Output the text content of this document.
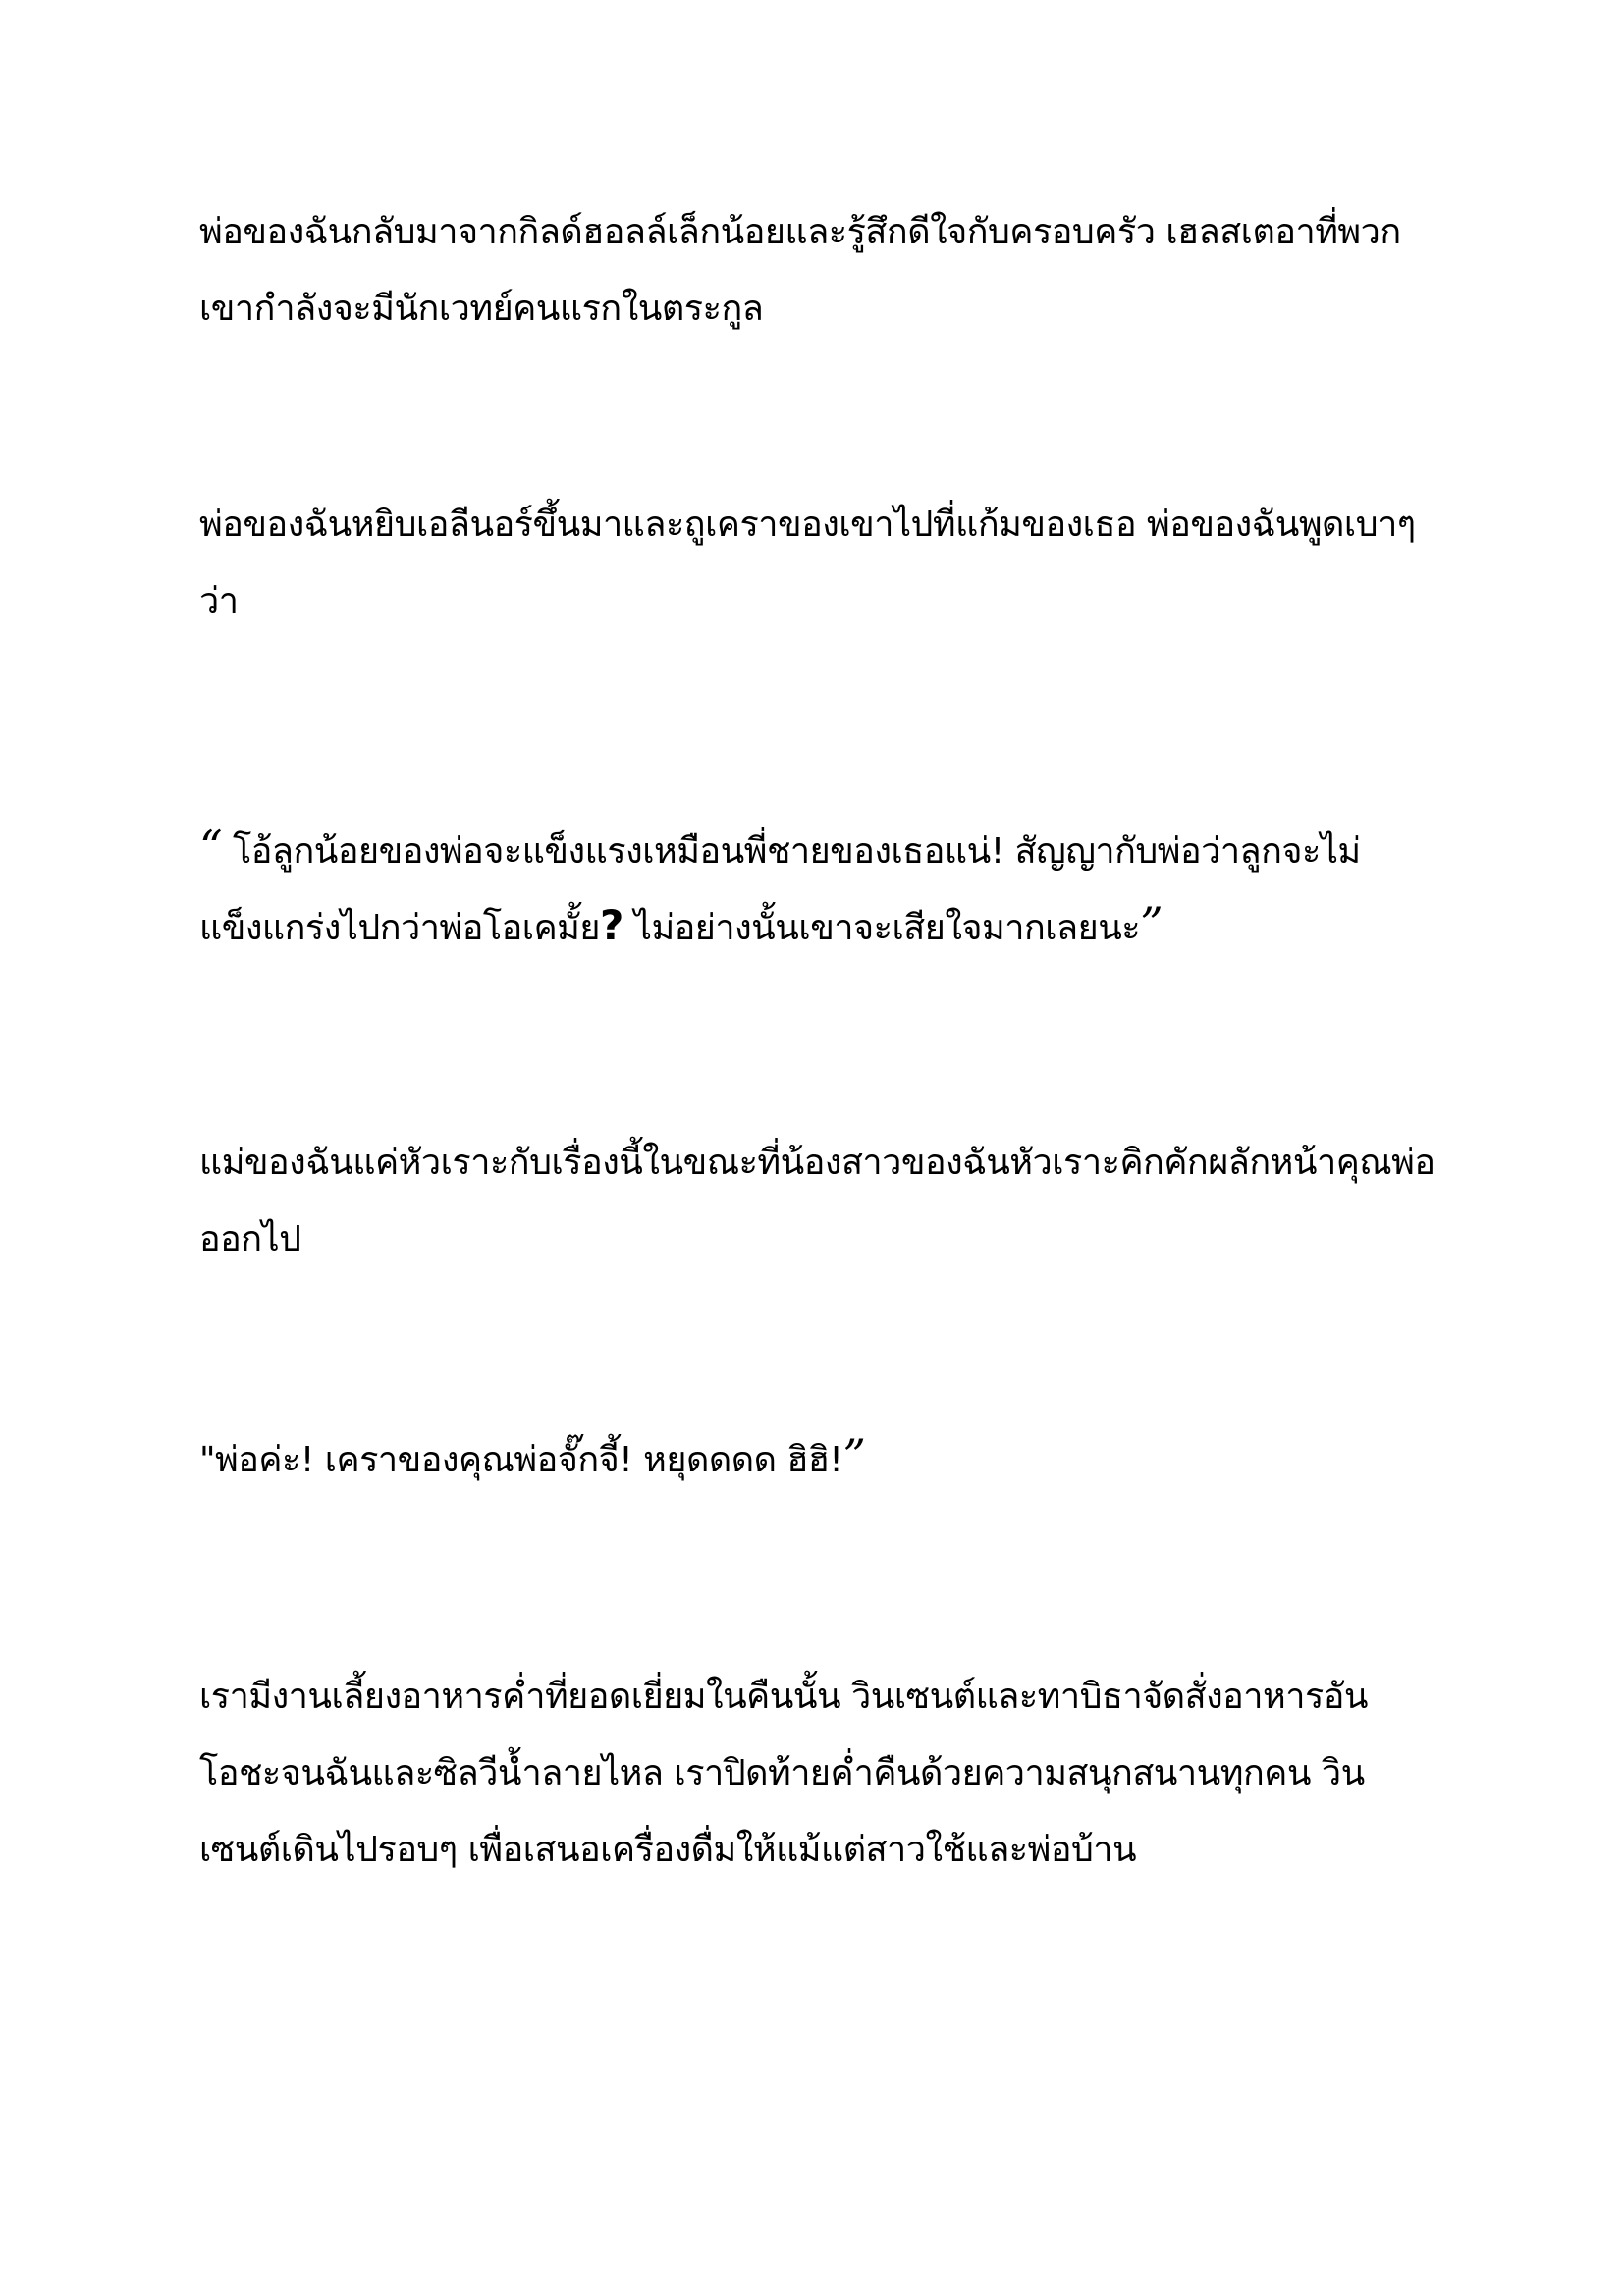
พ่อของฉันกลับมาจากกิลด์ฮอลล์เล็กน้อยและรู้สึกดีใจกับครอบครัว เฮลสเตอาที่พวก
เขากำลังจะมีนักเวทย์คนแรกในตระกูล
พ่อของฉันหยิบเอลีนอร์ขึ้นมาและถูเคราของเขาไปที่แก้มของเธอ พ่อของฉันพูดเบาๆ
ว่า
“ โอ้ลูกน้อยของพ่อจะแข็งแรงเหมือนพี่ชายของเธอแน่! สัญญากับพ่อว่าลูกจะไม่
แข็งแกร่งไปกว่าพ่อโอเคมั้ย? ไม่อย่างนั้นเขาจะเสียใจมากเลยนะ”
แม่ของฉันแค่หัวเราะกับเรื่องนี้ในขณะที่น้องสาวของฉันหัวเราะคิกคักผลักหน้าคุณพ่อ
ออกไป
"พ่อค่ะ! เคราของคุณพ่อจั๊กจี้! หยุดดดด ฮิฮิ!”
เรามีงานเลี้ยงอาหารค่ำที่ยอดเยี่ยมในคืนนั้น วินเซนต์และทาบิธาจัดสั่งอาหารอัน
โอชะจนฉันและซิลวีน้ำลายไหล เราปิดท้ายค่ำคืนด้วยความสนุกสนานทุกคน วิน
เซนต์เดินไปรอบๆ เพื่อเสนอเครื่องดื่มให้แม้แต่สาวใช้และพ่อบ้าน
